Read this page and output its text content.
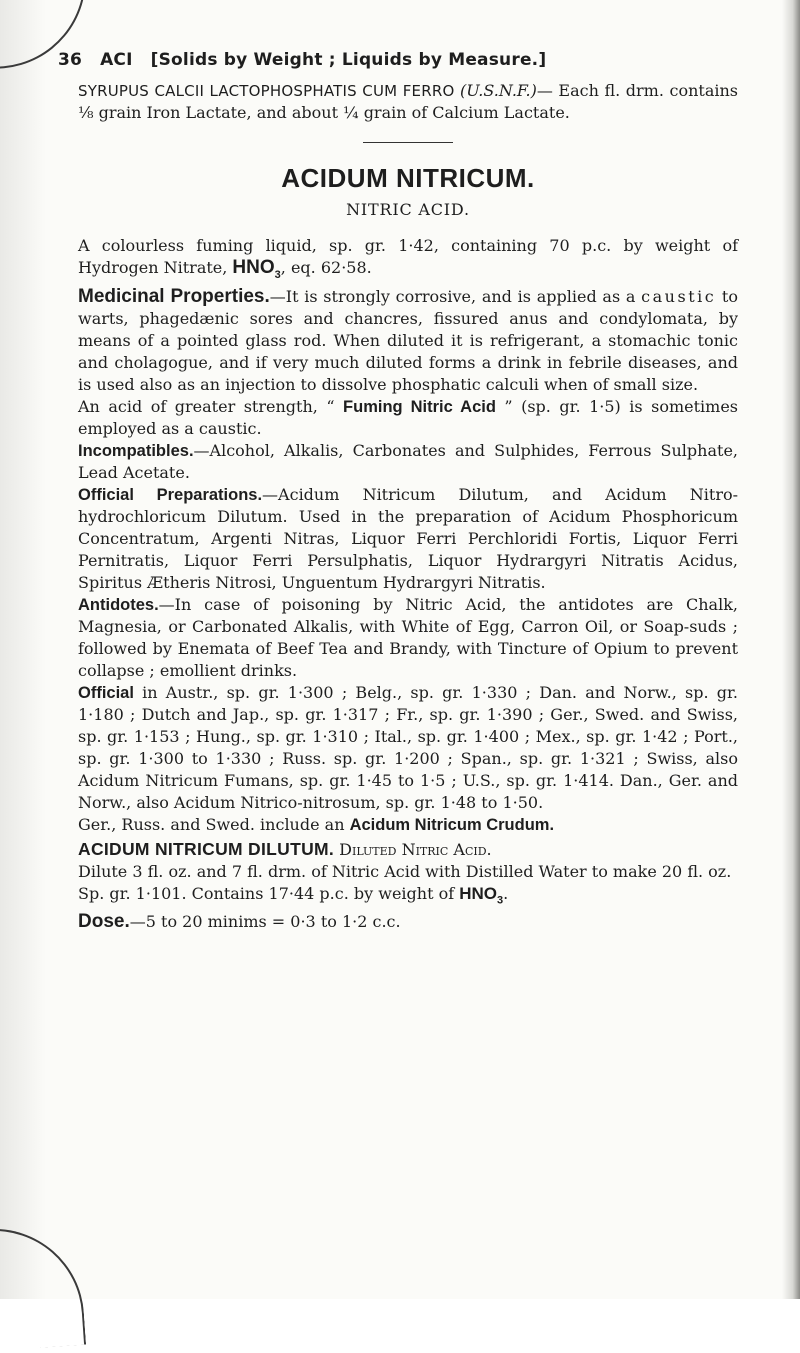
36 ACI [Solids by Weight ; Liquids by Measure.]

SYRUPUS CALCII LACTOPHOSPHATIS CUM FERRO (U.S.N.F.)— Each fl. drm. contains ⅛ grain Iron Lactate, and about ¼ grain of Calcium Lactate.

ACIDUM NITRICUM.
NITRIC ACID.

A colourless fuming liquid, sp. gr. 1·42, containing 70 p.c. by weight of Hydrogen Nitrate, $HNO_3$, eq. 62·58.

Medicinal Properties.—It is strongly corrosive, and is applied as a caustic to warts, phagedænic sores and chancres, fissured anus and condylomata, by means of a pointed glass rod. When diluted it is refrigerant, a stomachic tonic and cholagogue, and if very much diluted forms a drink in febrile diseases, and is used also as an injection to dissolve phosphatic calculi when of small size.

An acid of greater strength, “ Fuming Nitric Acid ” (sp. gr. 1·5) is sometimes employed as a caustic.

Incompatibles.—Alcohol, Alkalis, Carbonates and Sulphides, Ferrous Sulphate, Lead Acetate.

Official Preparations.—Acidum Nitricum Dilutum, and Acidum Nitro-hydrochloricum Dilutum. Used in the preparation of Acidum Phosphoricum Concentratum, Argenti Nitras, Liquor Ferri Perchloridi Fortis, Liquor Ferri Pernitratis, Liquor Ferri Persulphatis, Liquor Hydrargyri Nitratis Acidus, Spiritus Ætheris Nitrosi, Unguentum Hydrargyri Nitratis.

Antidotes.—In case of poisoning by Nitric Acid, the antidotes are Chalk, Magnesia, or Carbonated Alkalis, with White of Egg, Carron Oil, or Soap-suds ; followed by Enemata of Beef Tea and Brandy, with Tincture of Opium to prevent collapse ; emollient drinks.

Official in Austr., sp. gr. 1·300 ; Belg., sp. gr. 1·330 ; Dan. and Norw., sp. gr. 1·180 ; Dutch and Jap., sp. gr. 1·317 ; Fr., sp. gr. 1·390 ; Ger., Swed. and Swiss, sp. gr. 1·153 ; Hung., sp. gr. 1·310 ; Ital., sp. gr. 1·400 ; Mex., sp. gr. 1·42 ; Port., sp. gr. 1·300 to 1·330 ; Russ. sp. gr. 1·200 ; Span., sp. gr. 1·321 ; Swiss, also Acidum Nitricum Fumans, sp. gr. 1·45 to 1·5 ; U.S., sp. gr. 1·414. Dan., Ger. and Norw., also Acidum Nitrico-nitrosum, sp. gr. 1·48 to 1·50.

Ger., Russ. and Swed. include an Acidum Nitricum Crudum.

ACIDUM NITRICUM DILUTUM. Diluted Nitric Acid.

Dilute 3 fl. oz. and 7 fl. drm. of Nitric Acid with Distilled Water to make 20 fl. oz.

Sp. gr. 1·101. Contains 17·44 p.c. by weight of $HNO_3$.

Dose.—5 to 20 minims = 0·3 to 1·2 c.c.
